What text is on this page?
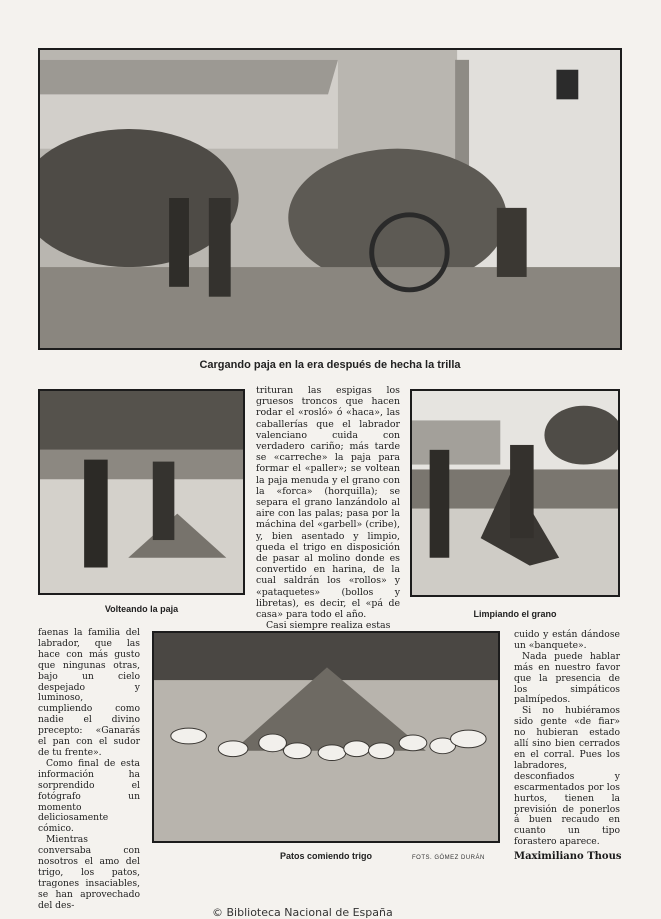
Cargando paja en la era después de hecha la trilla
Volteando la paja	Limpiando el grano

trituran las espigas los gruesos troncos que hacen rodar el «rosló» ó «haca», las caballerías que el labrador valenciano cuida con verdadero cariño; más tarde se «carreche» la paja para formar el «paller»; se voltean la paja menuda y el grano con la «forca» (horquilla); se separa el grano lanzándolo al aire con las palas; pasa por la máchina del «garbell» (cribe), y, bien asentado y limpio, queda el trigo en disposición de pasar al molino donde es convertido en harina, de la cual saldrán los «rollos» y «pataquetes» (bollos y libretas), es decir, el «pá de casa» para todo el año.

Casi siempre realiza estas

Patos comiendo trigo	FOTS. GÓMEZ DURÁN

faenas la familia del labrador, que las hace con más gusto que ningunas otras, bajo un cielo despejado y luminoso, cumpliendo como nadie el divino precepto: «Ganarás el pan con el sudor de tu frente».

Como final de esta información ha sorprendido el fotógrafo un momento deliciosamente cómico.

Mientras conversaba con nosotros el amo del trigo, los patos, tragones insaciables, se han aprovechado del des-

cuido y están dándose un «banquete».

Nada puede hablar más en nuestro favor que la presencia de los simpáticos palmípedos.

Si no hubiéramos sido gente «de fiar» no hubieran estado allí sino bien cerrados en el corral. Pues los labradores, desconfiados y escarmentados por los hurtos, tienen la previsión de ponerlos á buen recaudo en cuanto un tipo forastero aparece.

Maximiliano Thous
© Biblioteca Nacional de España
